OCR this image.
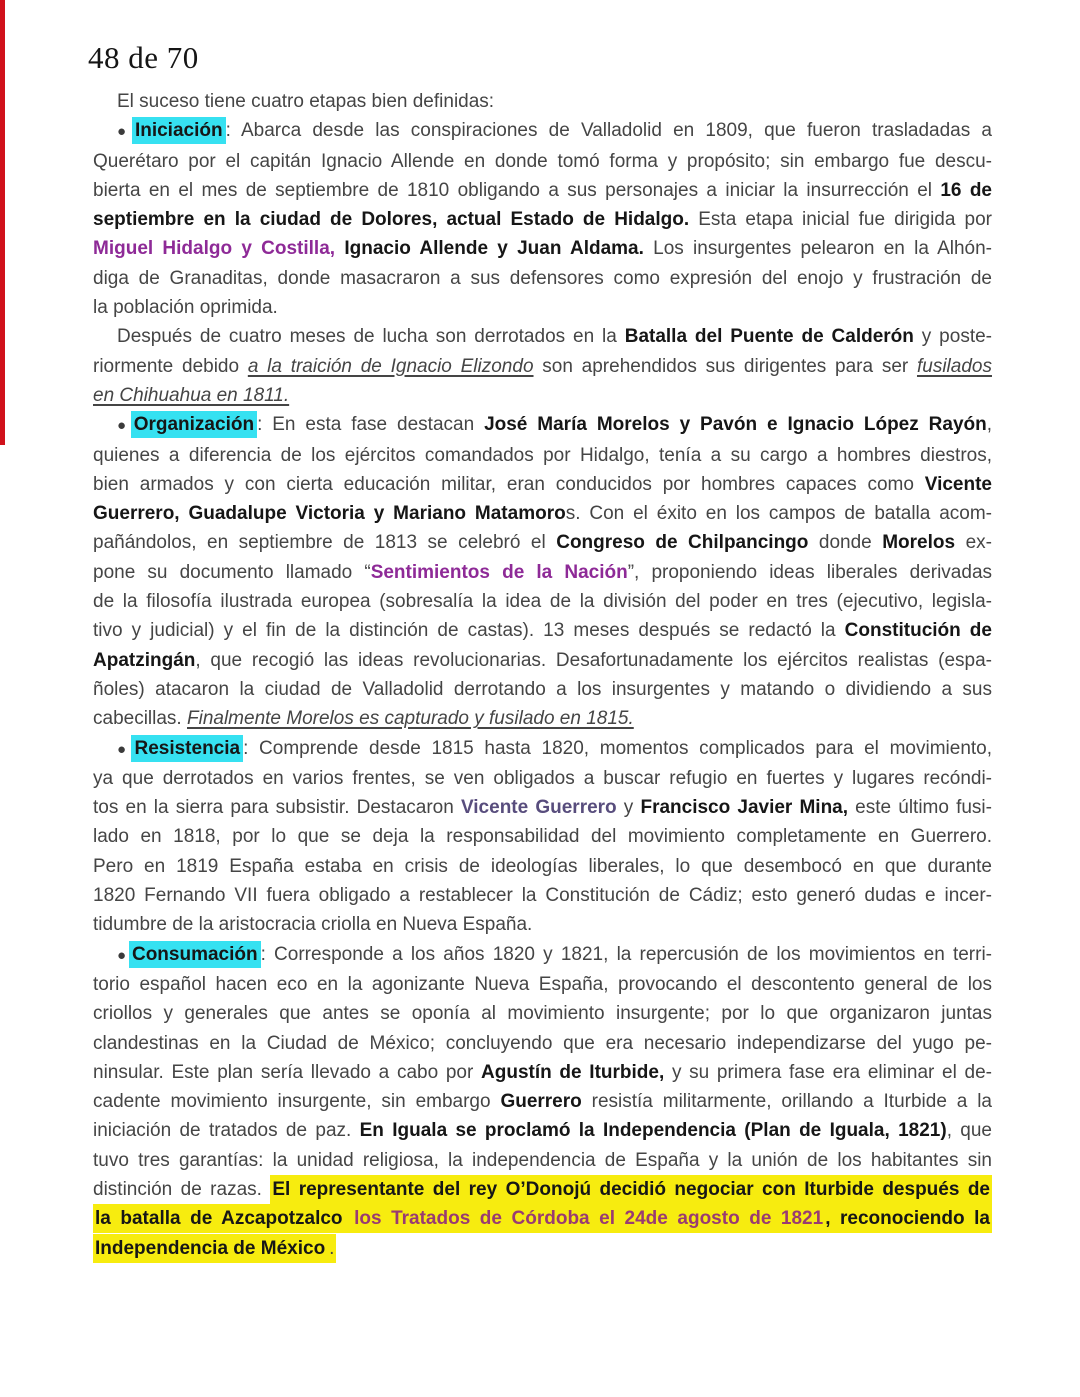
48 de 70
El suceso tiene cuatro etapas bien definidas:
● Iniciación : Abarca desde las conspiraciones de Valladolid en 1809, que fueron trasladadas a
Querétaro por el capitán Ignacio Allende en donde tomó forma y propósito; sin embargo fue descu-
bierta en el mes de septiembre de 1810 obligando a sus personajes a iniciar la insurrección el 16 de
septiembre en la ciudad de Dolores, actual Estado de Hidalgo. Esta etapa inicial fue dirigida por
Miguel Hidalgo y Costilla, Ignacio Allende y Juan Aldama. Los insurgentes pelearon en la Alhón-
diga de Granaditas, donde masacraron a sus defensores como expresión del enojo y frustración de
la población oprimida.
Después de cuatro meses de lucha son derrotados en la Batalla del Puente de Calderón y poste-
riormente debido a la traición de Ignacio Elizondo son aprehendidos sus dirigentes para ser fusilados
en Chihuahua en 1811.
● Organización : En esta fase destacan José María Morelos y Pavón e Ignacio López Rayón,
quienes a diferencia de los ejércitos comandados por Hidalgo, tenía a su cargo a hombres diestros,
bien armados y con cierta educación militar, eran conducidos por hombres capaces como Vicente
Guerrero, Guadalupe Victoria y Mariano Matamoros. Con el éxito en los campos de batalla acom-
pañándolos, en septiembre de 1813 se celebró el Congreso de Chilpancingo donde Morelos ex-
pone su documento llamado “Sentimientos de la Nación”, proponiendo ideas liberales derivadas
de la filosofía ilustrada europea (sobresalía la idea de la división del poder en tres (ejecutivo, legisla-
tivo y judicial) y el fin de la distinción de castas). 13 meses después se redactó la Constitución de
Apatzingán, que recogió las ideas revolucionarias. Desafortunadamente los ejércitos realistas (espa-
ñoles) atacaron la ciudad de Valladolid derrotando a los insurgentes y matando o dividiendo a sus
cabecillas. Finalmente Morelos es capturado y fusilado en 1815.
● Resistencia : Comprende desde 1815 hasta 1820, momentos complicados para el movimiento,
ya que derrotados en varios frentes, se ven obligados a buscar refugio en fuertes y lugares recóndi-
tos en la sierra para subsistir. Destacaron Vicente Guerrero y Francisco Javier Mina, este último fusi-
lado en 1818, por lo que se deja la responsabilidad del movimiento completamente en Guerrero.
Pero en 1819 España estaba en crisis de ideologías liberales, lo que desembocó en que durante
1820 Fernando VII fuera obligado a restablecer la Constitución de Cádiz; esto generó dudas e incer-
tidumbre de la aristocracia criolla en Nueva España.
● Consumación : Corresponde a los años 1820 y 1821, la repercusión de los movimientos en terri-
torio español hacen eco en la agonizante Nueva España, provocando el descontento general de los
criollos y generales que antes se oponía al movimiento insurgente; por lo que organizaron juntas
clandestinas en la Ciudad de México; concluyendo que era necesario independizarse del yugo pe-
ninsular. Este plan sería llevado a cabo por Agustín de Iturbide, y su primera fase era eliminar el de-
cadente movimiento insurgente, sin embargo Guerrero resistía militarmente, orillando a Iturbide a la
iniciación de tratados de paz. En Iguala se proclamó la Independencia (Plan de Iguala, 1821), que
tuvo tres garantías: la unidad religiosa, la independencia de España y la unión de los habitantes sin
distinción de razas. El representante del rey O’Donojú decidió negociar con Iturbide después de
la batalla de Azcapotzalco los Tratados de Córdoba el 24de agosto de 1821 , reconociendo la
Independencia de México .
